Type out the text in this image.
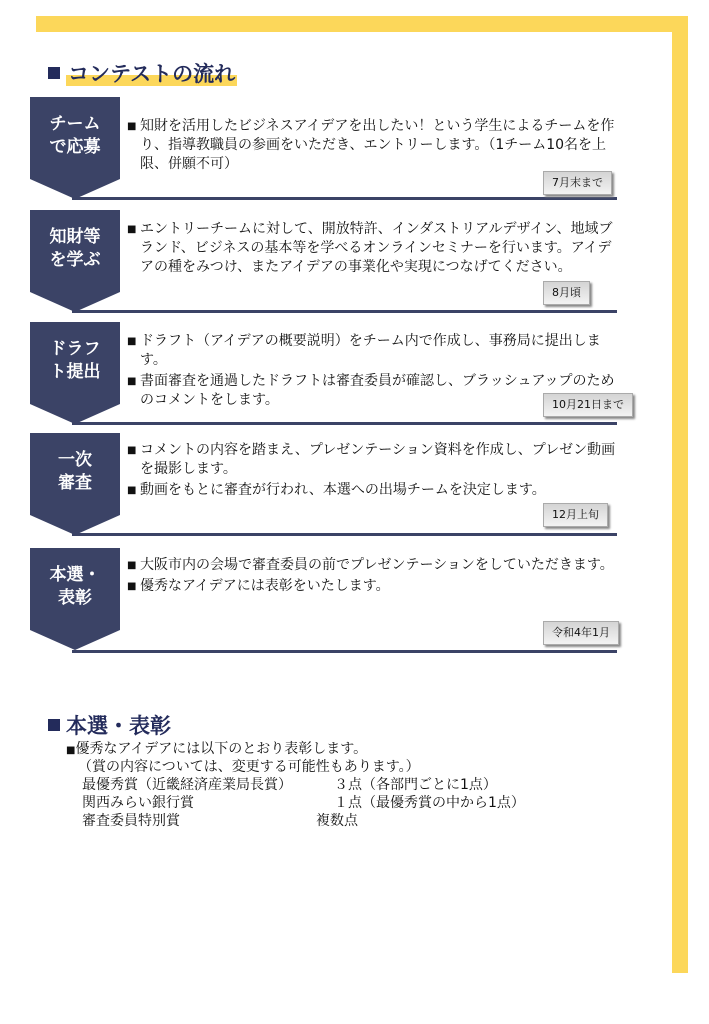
コンテストの流れ
チーム
で応募
■ 知財を活用したビジネスアイデアを出したい！という学生によるチームを作り、指導教職員の参画をいただき、エントリーします。（1チーム10名を上限、併願不可）
7月末まで
知財等
を学ぶ
■ エントリーチームに対して、開放特許、インダストリアルデザイン、地域ブランド、ビジネスの基本等を学べるオンラインセミナーを行います。アイデアの種をみつけ、またアイデアの事業化や実現につなげてください。
8月頃
ドラフ
ト提出
■ ドラフト（アイデアの概要説明）をチーム内で作成し、事務局に提出します。
■ 書面審査を通過したドラフトは審査委員が確認し、ブラッシュアップのためのコメントをします。	10月21日まで
一次
審査
■ コメントの内容を踏まえ、プレゼンテーション資料を作成し、プレゼン動画を撮影します。
■ 動画をもとに審査が行われ、本選への出場チームを決定します。
12月上旬
本選・
表彰
■ 大阪市内の会場で審査委員の前でプレゼンテーションをしていただきます。
■ 優秀なアイデアには表彰をいたします。
令和4年1月
本選・表彰
■優秀なアイデアには以下のとおり表彰します。
（賞の内容については、変更する可能性もあります。）
最優秀賞（近畿経済産業局長賞）	３点（各部門ごとに1点）
関西みらい銀行賞	１点（最優秀賞の中から1点）
審査委員特別賞	複数点
